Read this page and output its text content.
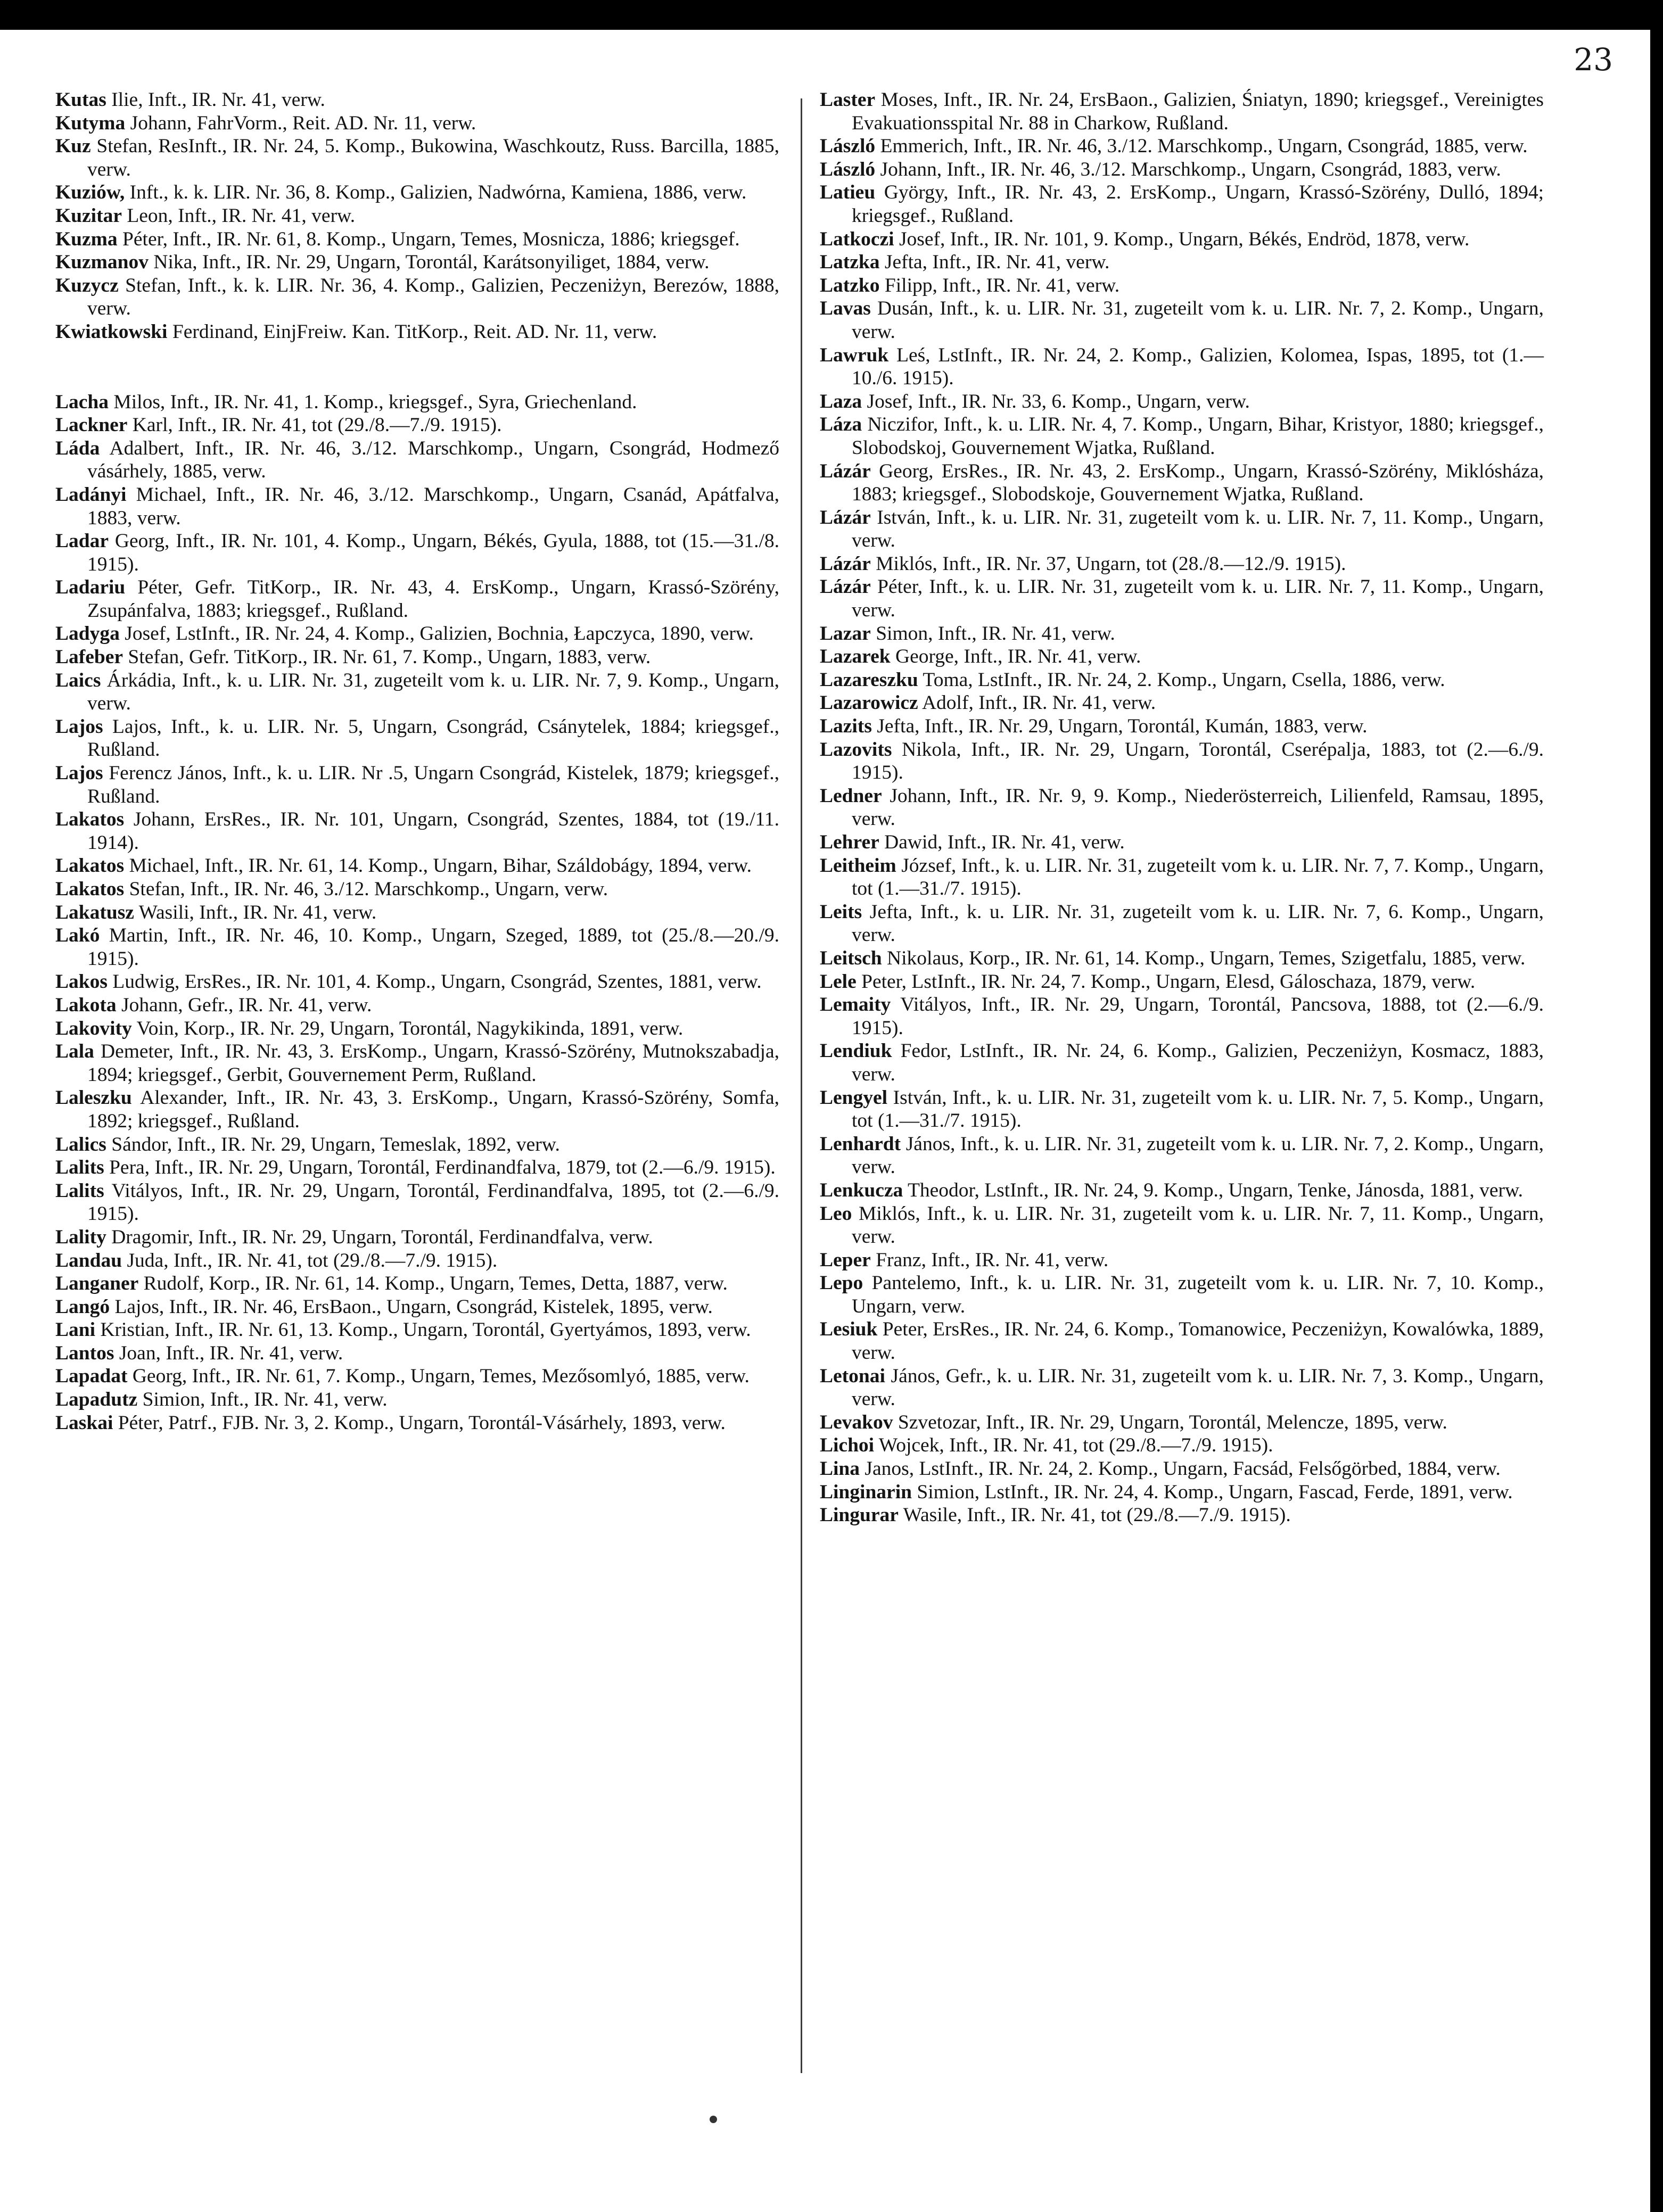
23

Kutas Ilie, Inft., IR. Nr. 41, verw.

Kutyma Johann, FahrVorm., Reit. AD. Nr. 11, verw.

Kuz Stefan, ResInft., IR. Nr. 24, 5. Komp., Bukowina, Waschkoutz, Russ. Barcilla, 1885, verw.

Kuziów, Inft., k. k. LIR. Nr. 36, 8. Komp., Galizien, Nadwórna, Kamiena, 1886, verw.

Kuzitar Leon, Inft., IR. Nr. 41, verw.

Kuzma Péter, Inft., IR. Nr. 61, 8. Komp., Ungarn, Temes, Mosnicza, 1886; kriegsgef.

Kuzmanov Nika, Inft., IR. Nr. 29, Ungarn, Torontál, Karátsonyiliget, 1884, verw.

Kuzycz Stefan, Inft., k. k. LIR. Nr. 36, 4. Komp., Galizien, Peczeniżyn, Berezów, 1888, verw.

Kwiatkowski Ferdinand, EinjFreiw. Kan. TitKorp., Reit. AD. Nr. 11, verw.

Lacha Milos, Inft., IR. Nr. 41, 1. Komp., kriegsgef., Syra, Griechenland.

Lackner Karl, Inft., IR. Nr. 41, tot (29./8.—7./9. 1915).

Láda Adalbert, Inft., IR. Nr. 46, 3./12. Marschkomp., Ungarn, Csongrád, Hodmező vásárhely, 1885, verw.

Ladányi Michael, Inft., IR. Nr. 46, 3./12. Marschkomp., Ungarn, Csanád, Apátfalva, 1883, verw.

Ladar Georg, Inft., IR. Nr. 101, 4. Komp., Ungarn, Békés, Gyula, 1888, tot (15.—31./8. 1915).

Ladariu Péter, Gefr. TitKorp., IR. Nr. 43, 4. ErsKomp., Ungarn, Krassó-Szörény, Zsupánfalva, 1883; kriegsgef., Rußland.

Ladyga Josef, LstInft., IR. Nr. 24, 4. Komp., Galizien, Bochnia, Łapczyca, 1890, verw.

Lafeber Stefan, Gefr. TitKorp., IR. Nr. 61, 7. Komp., Ungarn, 1883, verw.

Laics Árkádia, Inft., k. u. LIR. Nr. 31, zugeteilt vom k. u. LIR. Nr. 7, 9. Komp., Ungarn, verw.

Lajos Lajos, Inft., k. u. LIR. Nr. 5, Ungarn, Csongrád, Csánytelek, 1884; kriegsgef., Rußland.

Lajos Ferencz János, Inft., k. u. LIR. Nr .5, Ungarn Csongrád, Kistelek, 1879; kriegsgef., Rußland.

Lakatos Johann, ErsRes., IR. Nr. 101, Ungarn, Csongrád, Szentes, 1884, tot (19./11. 1914).

Lakatos Michael, Inft., IR. Nr. 61, 14. Komp., Ungarn, Bihar, Száldobágy, 1894, verw.

Lakatos Stefan, Inft., IR. Nr. 46, 3./12. Marschkomp., Ungarn, verw.

Lakatusz Wasili, Inft., IR. Nr. 41, verw.

Lakó Martin, Inft., IR. Nr. 46, 10. Komp., Ungarn, Szeged, 1889, tot (25./8.—20./9. 1915).

Lakos Ludwig, ErsRes., IR. Nr. 101, 4. Komp., Ungarn, Csongrád, Szentes, 1881, verw.

Lakota Johann, Gefr., IR. Nr. 41, verw.

Lakovity Voin, Korp., IR. Nr. 29, Ungarn, Torontál, Nagykikinda, 1891, verw.

Lala Demeter, Inft., IR. Nr. 43, 3. ErsKomp., Ungarn, Krassó-Szörény, Mutnokszabadja, 1894; kriegsgef., Gerbit, Gouvernement Perm, Rußland.

Laleszku Alexander, Inft., IR. Nr. 43, 3. ErsKomp., Ungarn, Krassó-Szörény, Somfa, 1892; kriegsgef., Rußland.

Lalics Sándor, Inft., IR. Nr. 29, Ungarn, Temeslak, 1892, verw.

Lalits Pera, Inft., IR. Nr. 29, Ungarn, Torontál, Ferdinandfalva, 1879, tot (2.—6./9. 1915).

Lalits Vitályos, Inft., IR. Nr. 29, Ungarn, Torontál, Ferdinandfalva, 1895, tot (2.—6./9. 1915).

Lality Dragomir, Inft., IR. Nr. 29, Ungarn, Torontál, Ferdinandfalva, verw.

Landau Juda, Inft., IR. Nr. 41, tot (29./8.—7./9. 1915).

Langaner Rudolf, Korp., IR. Nr. 61, 14. Komp., Ungarn, Temes, Detta, 1887, verw.

Langó Lajos, Inft., IR. Nr. 46, ErsBaon., Ungarn, Csongrád, Kistelek, 1895, verw.

Lani Kristian, Inft., IR. Nr. 61, 13. Komp., Ungarn, Torontál, Gyertyámos, 1893, verw.

Lantos Joan, Inft., IR. Nr. 41, verw.

Lapadat Georg, Inft., IR. Nr. 61, 7. Komp., Ungarn, Temes, Mezősomlyó, 1885, verw.

Lapadutz Simion, Inft., IR. Nr. 41, verw.

Laskai Péter, Patrf., FJB. Nr. 3, 2. Komp., Ungarn, Torontál-Vásárhely, 1893, verw.

Laster Moses, Inft., IR. Nr. 24, ErsBaon., Galizien, Śniatyn, 1890; kriegsgef., Vereinigtes Evakuationsspital Nr. 88 in Charkow, Rußland.

László Emmerich, Inft., IR. Nr. 46, 3./12. Marschkomp., Ungarn, Csongrád, 1885, verw.

László Johann, Inft., IR. Nr. 46, 3./12. Marschkomp., Ungarn, Csongrád, 1883, verw.

Latieu György, Inft., IR. Nr. 43, 2. ErsKomp., Ungarn, Krassó-Szörény, Dulló, 1894; kriegsgef., Rußland.

Latkoczi Josef, Inft., IR. Nr. 101, 9. Komp., Ungarn, Békés, Endröd, 1878, verw.

Latzka Jefta, Inft., IR. Nr. 41, verw.

Latzko Filipp, Inft., IR. Nr. 41, verw.

Lavas Dusán, Inft., k. u. LIR. Nr. 31, zugeteilt vom k. u. LIR. Nr. 7, 2. Komp., Ungarn, verw.

Lawruk Leś, LstInft., IR. Nr. 24, 2. Komp., Galizien, Kolomea, Ispas, 1895, tot (1.—10./6. 1915).

Laza Josef, Inft., IR. Nr. 33, 6. Komp., Ungarn, verw.

Láza Niczifor, Inft., k. u. LIR. Nr. 4, 7. Komp., Ungarn, Bihar, Kristyor, 1880; kriegsgef., Slobodskoj, Gouvernement Wjatka, Rußland.

Lázár Georg, ErsRes., IR. Nr. 43, 2. ErsKomp., Ungarn, Krassó-Szörény, Miklósháza, 1883; kriegsgef., Slobodskoje, Gouvernement Wjatka, Rußland.

Lázár István, Inft., k. u. LIR. Nr. 31, zugeteilt vom k. u. LIR. Nr. 7, 11. Komp., Ungarn, verw.

Lázár Miklós, Inft., IR. Nr. 37, Ungarn, tot (28./8.—12./9. 1915).

Lázár Péter, Inft., k. u. LIR. Nr. 31, zugeteilt vom k. u. LIR. Nr. 7, 11. Komp., Ungarn, verw.

Lazar Simon, Inft., IR. Nr. 41, verw.

Lazarek George, Inft., IR. Nr. 41, verw.

Lazareszku Toma, LstInft., IR. Nr. 24, 2. Komp., Ungarn, Csella, 1886, verw.

Lazarowicz Adolf, Inft., IR. Nr. 41, verw.

Lazits Jefta, Inft., IR. Nr. 29, Ungarn, Torontál, Kumán, 1883, verw.

Lazovits Nikola, Inft., IR. Nr. 29, Ungarn, Torontál, Cserépalja, 1883, tot (2.—6./9. 1915).

Ledner Johann, Inft., IR. Nr. 9, 9. Komp., Niederösterreich, Lilienfeld, Ramsau, 1895, verw.

Lehrer Dawid, Inft., IR. Nr. 41, verw.

Leitheim József, Inft., k. u. LIR. Nr. 31, zugeteilt vom k. u. LIR. Nr. 7, 7. Komp., Ungarn, tot (1.—31./7. 1915).

Leits Jefta, Inft., k. u. LIR. Nr. 31, zugeteilt vom k. u. LIR. Nr. 7, 6. Komp., Ungarn, verw.

Leitsch Nikolaus, Korp., IR. Nr. 61, 14. Komp., Ungarn, Temes, Szigetfalu, 1885, verw.

Lele Peter, LstInft., IR. Nr. 24, 7. Komp., Ungarn, Elesd, Gáloschaza, 1879, verw.

Lemaity Vitályos, Inft., IR. Nr. 29, Ungarn, Torontál, Pancsova, 1888, tot (2.—6./9. 1915).

Lendiuk Fedor, LstInft., IR. Nr. 24, 6. Komp., Galizien, Peczeniżyn, Kosmacz, 1883, verw.

Lengyel István, Inft., k. u. LIR. Nr. 31, zugeteilt vom k. u. LIR. Nr. 7, 5. Komp., Ungarn, tot (1.—31./7. 1915).

Lenhardt János, Inft., k. u. LIR. Nr. 31, zugeteilt vom k. u. LIR. Nr. 7, 2. Komp., Ungarn, verw.

Lenkucza Theodor, LstInft., IR. Nr. 24, 9. Komp., Ungarn, Tenke, Jánosda, 1881, verw.

Leo Miklós, Inft., k. u. LIR. Nr. 31, zugeteilt vom k. u. LIR. Nr. 7, 11. Komp., Ungarn, verw.

Leper Franz, Inft., IR. Nr. 41, verw.

Lepo Pantelemo, Inft., k. u. LIR. Nr. 31, zugeteilt vom k. u. LIR. Nr. 7, 10. Komp., Ungarn, verw.

Lesiuk Peter, ErsRes., IR. Nr. 24, 6. Komp., Tomanowice, Peczeniżyn, Kowalówka, 1889, verw.

Letonai János, Gefr., k. u. LIR. Nr. 31, zugeteilt vom k. u. LIR. Nr. 7, 3. Komp., Ungarn, verw.

Levakov Szvetozar, Inft., IR. Nr. 29, Ungarn, Torontál, Melencze, 1895, verw.

Lichoi Wojcek, Inft., IR. Nr. 41, tot (29./8.—7./9. 1915).

Lina Janos, LstInft., IR. Nr. 24, 2. Komp., Ungarn, Facsád, Felsőgörbed, 1884, verw.

Linginarin Simion, LstInft., IR. Nr. 24, 4. Komp., Ungarn, Fascad, Ferde, 1891, verw.

Lingurar Wasile, Inft., IR. Nr. 41, tot (29./8.—7./9. 1915).
